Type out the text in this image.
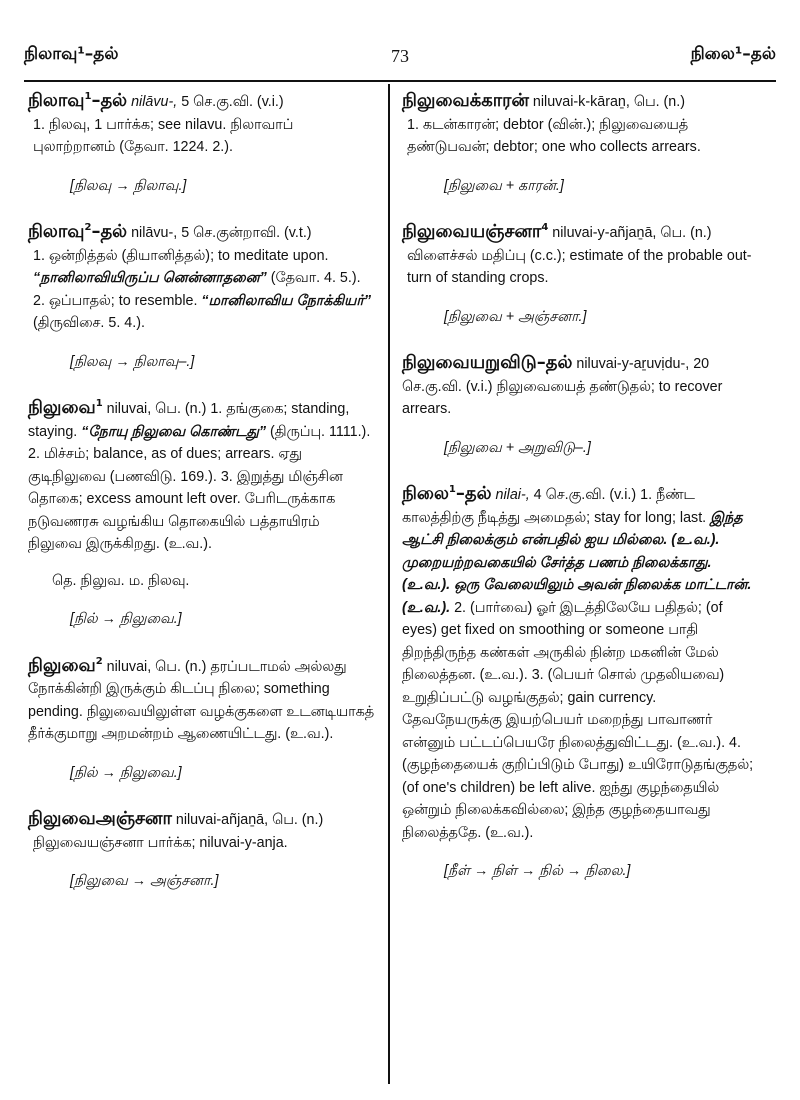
நிலாவு¹–தல்	73	நிலை¹–தல்

நிலாவு$^1$–தல் nilāvu-, 5 செ.கு.வி. (v.i.)

1. நிலவு, 1 பார்க்க; see nilavu. நிலாவாப் புலாற்றானம் (தேவா. 1224. 2.).

[நிலவு → நிலாவு.]

நிலாவு$^2$–தல் nilāvu-, 5 செ.குன்றாவி. (v.t.)

1. ஒன்றித்தல் (தியானித்தல்); to meditate upon. “நானிலாவியிருப்ப னென்னாதனை” (தேவா. 4. 5.). 2. ஒப்பாதல்; to resemble. “மானிலாவிய நோக்கியர்” (திருவிசை. 5. 4.).

[நிலவு → நிலாவு–.]

நிலுவை$^1$ niluvai, பெ. (n.) 1. தங்குகை; standing, staying. “நோயு நிலுவை கொண்டது” (திருப்பு. 1111.). 2. மிச்சம்; balance, as of dues; arrears. ஏது குடிநிலுவை (பணவிடு. 169.). 3. இறுத்து மிஞ்சின தொகை; excess amount left over. பேரிடருக்காக நடுவணரசு வழங்கிய தொகையில் பத்தாயிரம் நிலுவை இருக்கிறது. (உ.வ.).

தெ. நிலுவ. ம. நிலவு.
[நில் → நிலுவை.]

நிலுவை$^2$ niluvai, பெ. (n.) தரப்படாமல் அல்லது நோக்கின்றி இருக்கும் கிடப்பு நிலை; something pending. நிலுவையிலுள்ள வழக்குகளை உடனடியாகத் தீர்க்குமாறு அறமன்றம் ஆணையிட்டது. (உ.வ.).

[நில் → நிலுவை.]

நிலுவைஅஞ்சனா niluvai-añjaṉā, பெ. (n.)

நிலுவையஞ்சனா பார்க்க; niluvai-y-anja.

[நிலுவை → அஞ்சனா.]

நிலுவைக்காரன் niluvai-k-kāraṉ, பெ. (n.)

1. கடன்காரன்; debtor (வின்.); நிலுவையைத் தண்டுபவன்; debtor; one who collects arrears.

[நிலுவை + காரன்.]

நிலுவையஞ்சனா$^4$ niluvai-y-añjaṉā, பெ. (n.)

விளைச்சல் மதிப்பு (c.c.); estimate of the probable out-turn of standing crops.

[நிலுவை + அஞ்சனா.]

நிலுவையறுவிடு–தல் niluvai-y-aṟuvịdu-, 20 செ.கு.வி. (v.i.) நிலுவையைத் தண்டுதல்; to recover arrears.

[நிலுவை + அறுவிடு–.]

நிலை$^1$–தல் nilai-, 4 செ.கு.வி. (v.i.) 1. நீண்ட காலத்திற்கு நீடித்து அமைதல்; stay for long; last. இந்த ஆட்சி நிலைக்கும் என்பதில் ஐய மில்லை. (உ.வ.). முறையற்றவகையில் சேர்த்த பணம் நிலைக்காது. (உ.வ.). ஒரு வேலையிலும் அவன் நிலைக்க மாட்டான். (உ.வ.). 2. (பார்வை) ஓர் இடத்திலேயே பதிதல்; (of eyes) get fixed on smoothing or someone பாதி திறந்திருந்த கண்கள் அருகில் நின்ற மகனின் மேல் நிலைத்தன. (உ.வ.). 3. (பெயர் சொல் முதலியவை) உறுதிப்பட்டு வழங்குதல்; gain currency. தேவநேயருக்கு இயற்பெயர் மறைந்து பாவாணர் என்னும் பட்டப்பெயரே நிலைத்துவிட்டது. (உ.வ.). 4. (குழந்தையைக் குறிப்பிடும் போது) உயிரோடுதங்குதல்; (of one's children) be left alive. ஐந்து குழந்தையில் ஒன்றும் நிலைக்கவில்லை; இந்த குழந்தையாவது நிலைத்ததே. (உ.வ.).

[நீள் → நிள் → நில் → நிலை.]
